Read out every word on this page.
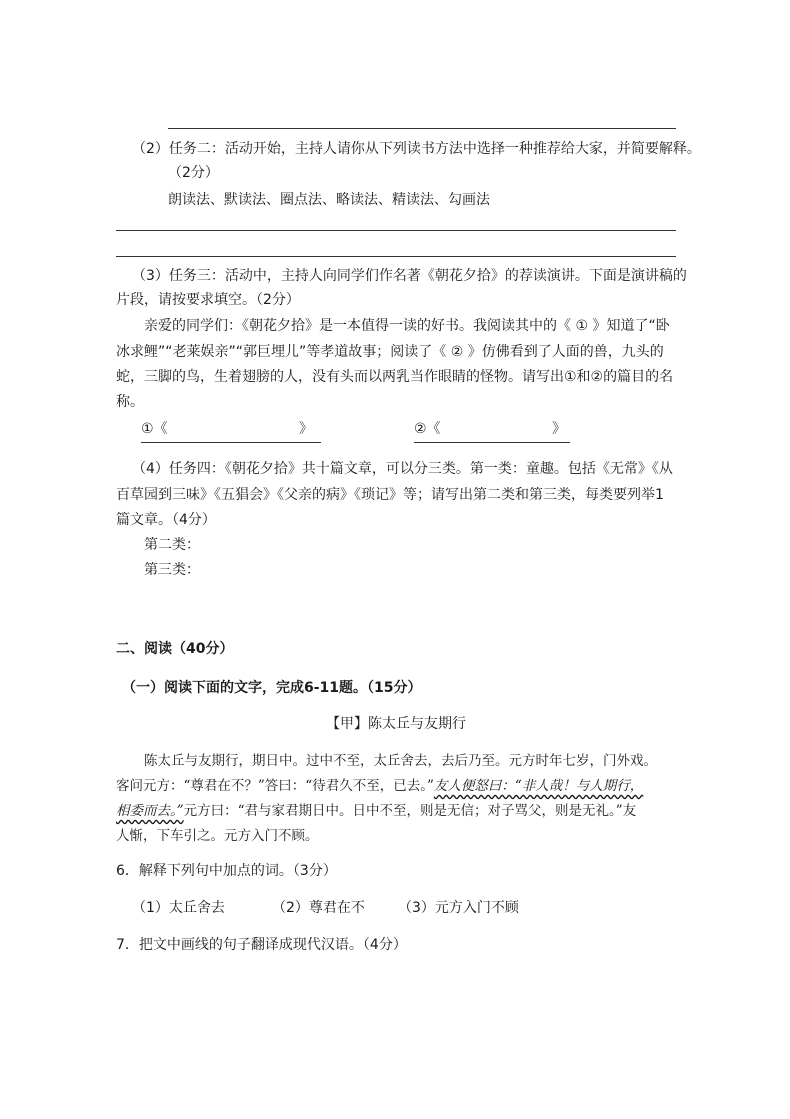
（2）任务二：活动开始，主持人请你从下列读书方法中选择一种推荐给大家，并简要解释。
（2分）
朗读法、默读法、圈点法、略读法、精读法、勾画法
（3）任务三：活动中，主持人向同学们作名著《朝花夕拾》的荐读演讲。下面是演讲稿的
片段，请按要求填空。（2分）
亲爱的同学们：《朝花夕拾》是一本值得一读的好书。我阅读其中的《 ① 》知道了“卧
冰求鲤”“老莱娱亲”“郭巨埋儿”等孝道故事；阅读了《 ② 》仿佛看到了人面的兽，九头的
蛇，三脚的鸟，生着翅膀的人，没有头而以两乳当作眼睛的怪物。请写出①和②的篇目的名
称。
①《	》	②《	》
（4）任务四：《朝花夕拾》共十篇文章，可以分三类。第一类：童趣。包括《无常》《从
百草园到三味》《五猖会》《父亲的病》《琐记》等；请写出第二类和第三类，每类要列举1
篇文章。（4分）
第二类：
第三类：
二、阅读（40分）
（一）阅读下面的文字，完成6-11题。（15分）
【甲】陈太丘与友期行
陈太丘与友期行，期日中。过中不至，太丘舍去，去后乃至。元方时年七岁，门外戏。
客问元方：“尊君在不？”答曰：“待君久不至，已去。”友人便怒曰：“非人哉！与人期行，
相委而去。”元方曰：“君与家君期日中。日中不至，则是无信；对子骂父，则是无礼。”友
人惭，下车引之。元方入门不顾。
6．解释下列句中加点的词。（3分）
（1）太丘舍去	（2）尊君在不 （3）元方入门不顾
7．把文中画线的句子翻译成现代汉语。（4分）
